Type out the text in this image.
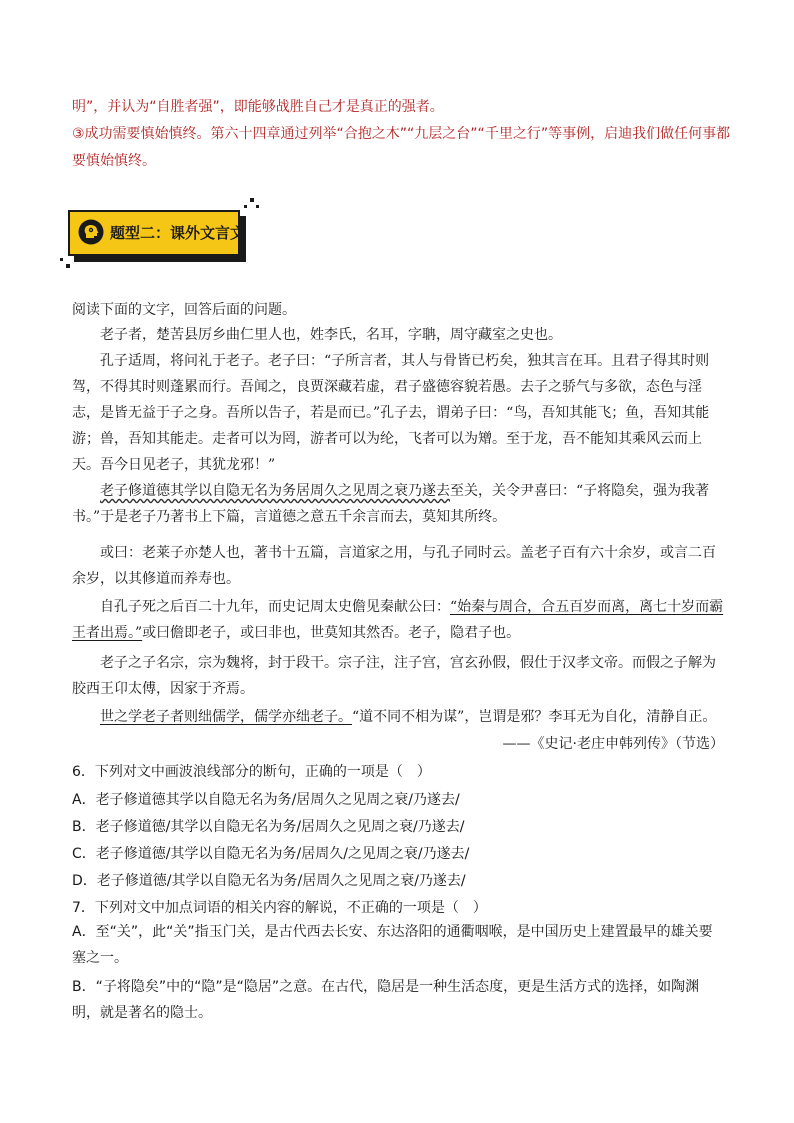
明”，并认为“自胜者强”，即能够战胜自己才是真正的强者。
③成功需要慎始慎终。第六十四章通过列举“合抱之木”“九层之台”“千里之行”等事例，启迪我们做任何事都
要慎始慎终。
题型二：课外文言文
阅读下面的文字，回答后面的问题。
老子者，楚苦县厉乡曲仁里人也，姓李氏，名耳，字聃，周守藏室之史也。
孔子适周，将问礼于老子。老子曰：“子所言者，其人与骨皆已朽矣，独其言在耳。且君子得其时则驾，不得其时则蓬累而行。吾闻之，良贾深藏若虚，君子盛德容貌若愚。去子之骄气与多欲，态色与淫志，是皆无益于子之身。吾所以告子，若是而已。”孔子去，谓弟子曰：“鸟，吾知其能飞；鱼，吾知其能游；兽，吾知其能走。走者可以为罔，游者可以为纶，飞者可以为矰。至于龙，吾不能知其乘风云而上天。吾今日见老子，其犹龙邪！”
老子修道德其学以自隐无名为务居周久之见周之衰乃遂去至关，关令尹喜曰：“子将隐矣，强为我著书。”于是老子乃著书上下篇，言道德之意五千余言而去，莫知其所终。
或曰：老莱子亦楚人也，著书十五篇，言道家之用，与孔子同时云。盖老子百有六十余岁，或言二百余岁，以其修道而养寿也。
自孔子死之后百二十九年，而史记周太史儋见秦献公曰：“始秦与周合，合五百岁而离，离七十岁而霸王者出焉。”或曰儋即老子，或曰非也，世莫知其然否。老子，隐君子也。
老子之子名宗，宗为魏将，封于段干。宗子注，注子宫，宫玄孙假，假仕于汉孝文帝。而假之子解为胶西王卬太傅，因家于齐焉。
世之学老子者则绌儒学，儒学亦绌老子。“道不同不相为谋”，岂谓是邪？李耳无为自化，清静自正。
——《史记·老庄申韩列传》（节选）
6．下列对文中画波浪线部分的断句，正确的一项是（　）
A．老子修道德其学以自隐无名为务/居周久之见周之衰/乃遂去/
B．老子修道德/其学以自隐无名为务/居周久之见周之衰/乃遂去/
C．老子修道德/其学以自隐无名为务/居周久/之见周之衰/乃遂去/
D．老子修道德/其学以自隐无名为务/居周久之见周之衰/乃遂去/
7．下列对文中加点词语的相关内容的解说，不正确的一项是（　）
A．至“关”，此“关”指玉门关，是古代西去长安、东达洛阳的通衢咽喉，是中国历史上建置最早的雄关要塞之一。
B．“子将隐矣”中的“隐”是“隐居”之意。在古代，隐居是一种生活态度，更是生活方式的选择，如陶渊明，就是著名的隐士。
